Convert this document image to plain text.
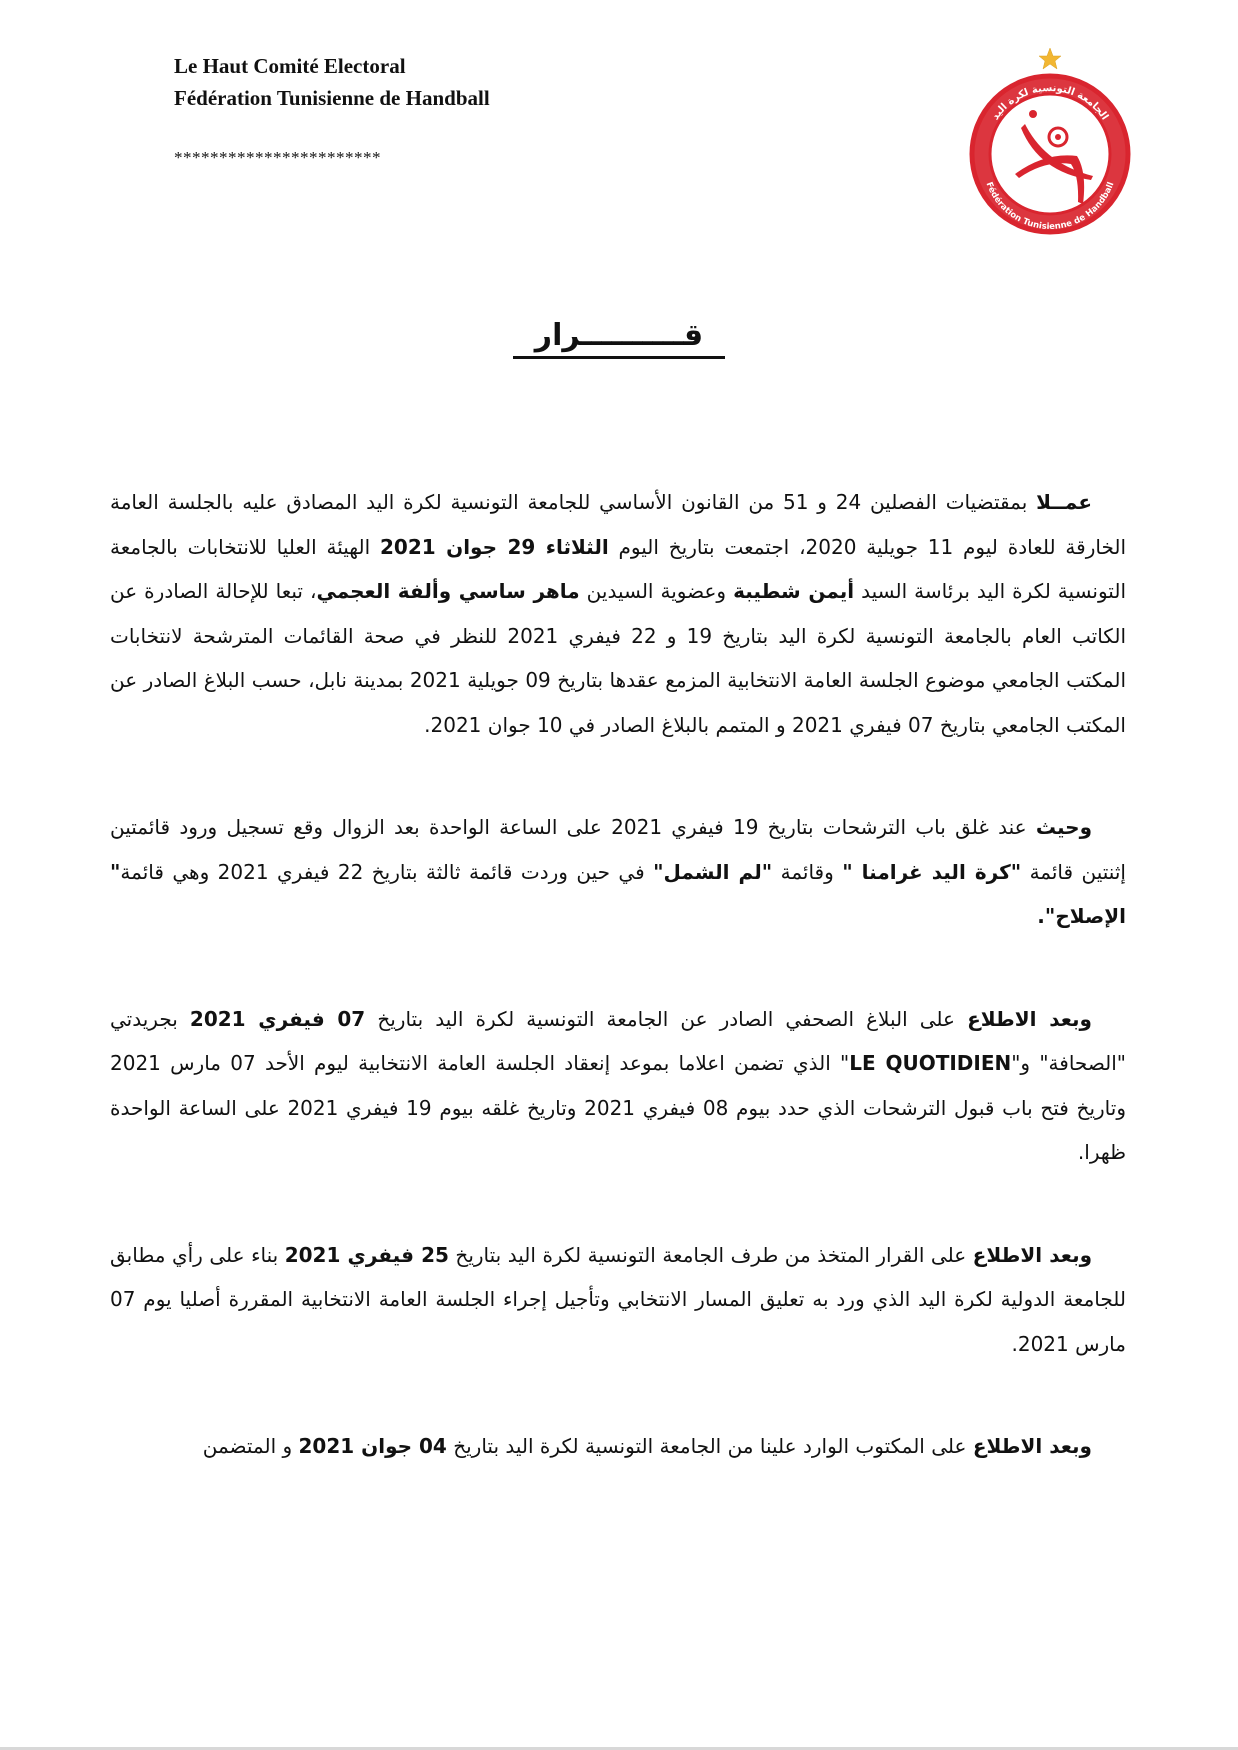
Le Haut Comité Electoral
Fédération Tunisienne de Handball
***********************
الجامعة التونسية لكرة اليد
Fédération Tunisienne de Handball
قــــــــــرار

عمــلا بمقتضيات الفصلين 24 و 51 من القانون الأساسي للجامعة التونسية لكرة اليد المصادق عليه بالجلسة العامة الخارقة للعادة ليوم 11 جويلية 2020، اجتمعت بتاريخ اليوم الثلاثاء 29 جوان 2021 الهيئة العليا للانتخابات بالجامعة التونسية لكرة اليد برئاسة السيد أيمن شطيبة وعضوية السيدين ماهر ساسي وألفة العجمي، تبعا للإحالة الصادرة عن الكاتب العام بالجامعة التونسية لكرة اليد بتاريخ 19 و 22 فيفري 2021 للنظر في صحة القائمات المترشحة لانتخابات المكتب الجامعي موضوع الجلسة العامة الانتخابية المزمع عقدها بتاريخ 09 جويلية 2021 بمدينة نابل، حسب البلاغ الصادر عن المكتب الجامعي بتاريخ 07 فيفري 2021 و المتمم بالبلاغ الصادر في 10 جوان 2021.

وحيث عند غلق باب الترشحات بتاريخ 19 فيفري 2021 على الساعة الواحدة بعد الزوال وقع تسجيل ورود قائمتين إثنتين قائمة "كرة اليد غرامنا " وقائمة "لم الشمل" في حين وردت قائمة ثالثة بتاريخ 22 فيفري 2021 وهي قائمة" الإصلاح".

وبعد الاطلاع على البلاغ الصحفي الصادر عن الجامعة التونسية لكرة اليد بتاريخ 07 فيفري 2021 بجريدتي "الصحافة" و"LE QUOTIDIEN" الذي تضمن اعلاما بموعد إنعقاد الجلسة العامة الانتخابية ليوم الأحد 07 مارس 2021 وتاريخ فتح باب قبول الترشحات الذي حدد بيوم 08 فيفري 2021 وتاريخ غلقه بيوم 19 فيفري 2021 على الساعة الواحدة ظهرا.

وبعد الاطلاع على القرار المتخذ من طرف الجامعة التونسية لكرة اليد بتاريخ 25 فيفري 2021 بناء على رأي مطابق للجامعة الدولية لكرة اليد الذي ورد به تعليق المسار الانتخابي وتأجيل إجراء الجلسة العامة الانتخابية المقررة أصليا يوم 07 مارس 2021.

وبعد الاطلاع على المكتوب الوارد علينا من الجامعة التونسية لكرة اليد بتاريخ 04 جوان 2021 و المتضمن
